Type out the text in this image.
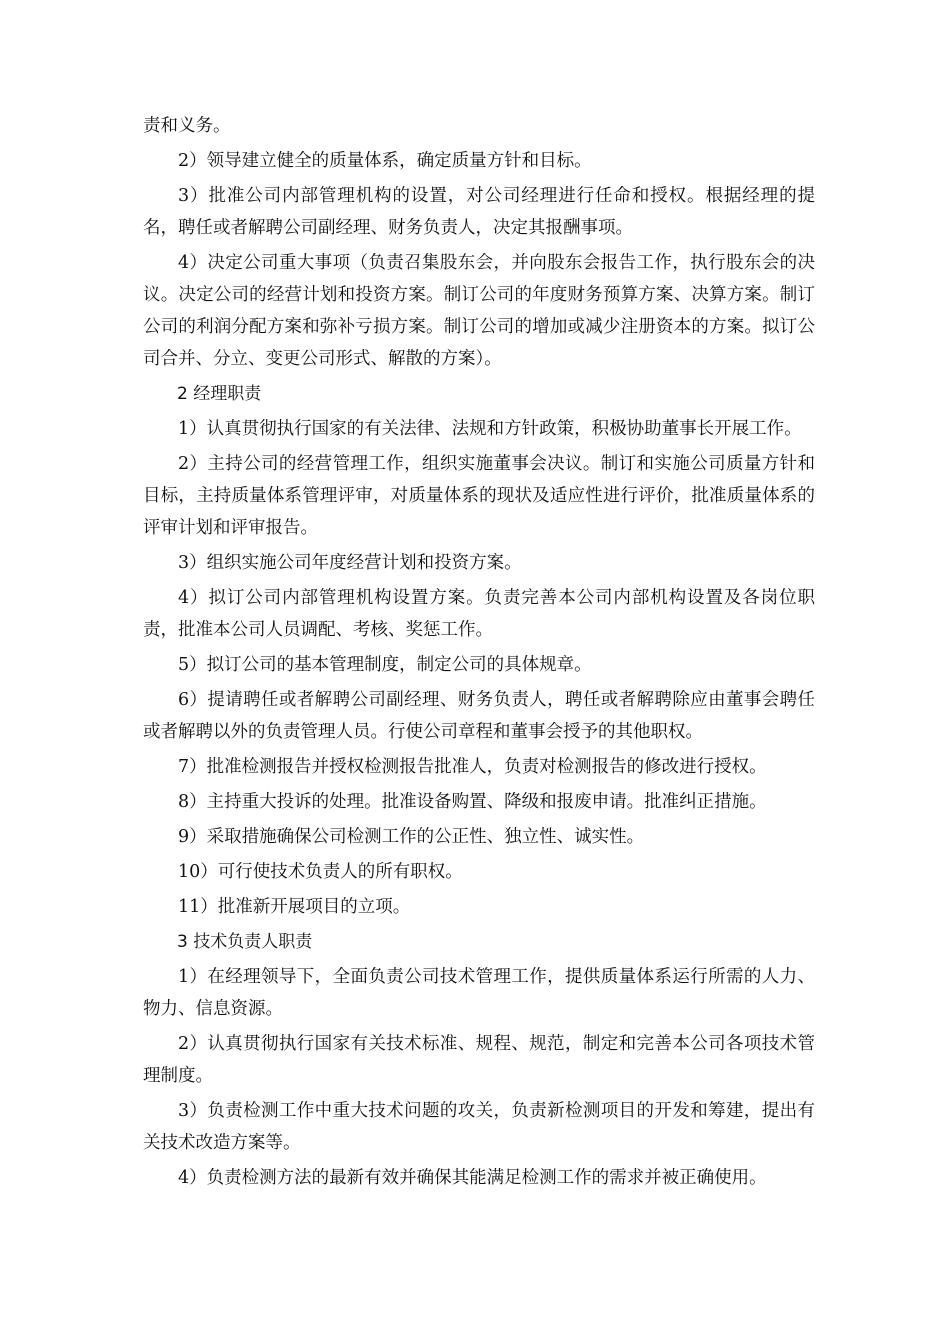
责和义务。

2）领导建立健全的质量体系，确定质量方针和目标。

3）批准公司内部管理机构的设置，对公司经理进行任命和授权。根据经理的提名，聘任或者解聘公司副经理、财务负责人，决定其报酬事项。

4）决定公司重大事项（负责召集股东会，并向股东会报告工作，执行股东会的决议。决定公司的经营计划和投资方案。制订公司的年度财务预算方案、决算方案。制订公司的利润分配方案和弥补亏损方案。制订公司的增加或减少注册资本的方案。拟订公司合并、分立、变更公司形式、解散的方案）。

2 经理职责

1）认真贯彻执行国家的有关法律、法规和方针政策，积极协助董事长开展工作。

2）主持公司的经营管理工作，组织实施董事会决议。制订和实施公司质量方针和目标，主持质量体系管理评审，对质量体系的现状及适应性进行评价，批准质量体系的评审计划和评审报告。

3）组织实施公司年度经营计划和投资方案。

4）拟订公司内部管理机构设置方案。负责完善本公司内部机构设置及各岗位职责，批准本公司人员调配、考核、奖惩工作。

5）拟订公司的基本管理制度，制定公司的具体规章。

6）提请聘任或者解聘公司副经理、财务负责人，聘任或者解聘除应由董事会聘任或者解聘以外的负责管理人员。行使公司章程和董事会授予的其他职权。

7）批准检测报告并授权检测报告批准人，负责对检测报告的修改进行授权。

8）主持重大投诉的处理。批准设备购置、降级和报废申请。批准纠正措施。

9）采取措施确保公司检测工作的公正性、独立性、诚实性。

10）可行使技术负责人的所有职权。

11）批准新开展项目的立项。

3 技术负责人职责

1）在经理领导下，全面负责公司技术管理工作，提供质量体系运行所需的人力、物力、信息资源。

2）认真贯彻执行国家有关技术标准、规程、规范，制定和完善本公司各项技术管理制度。

3）负责检测工作中重大技术问题的攻关，负责新检测项目的开发和筹建，提出有关技术改造方案等。

4）负责检测方法的最新有效并确保其能满足检测工作的需求并被正确使用。
